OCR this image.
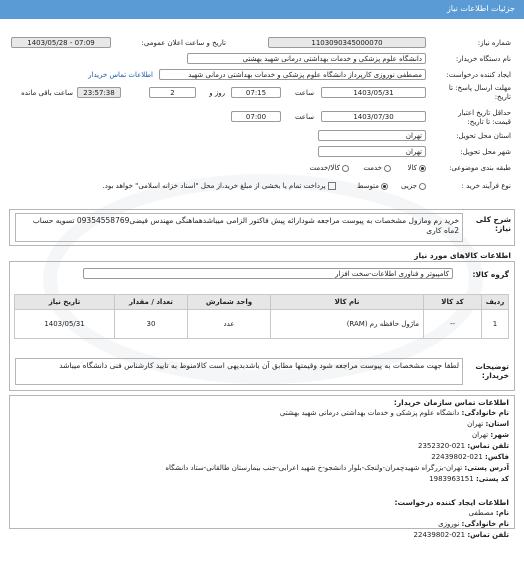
جزئیات اطلاعات نیاز
شماره نیاز:
1103090345000070
تاریخ و ساعت اعلان عمومی:
1403/05/28 - 07:09
نام دستگاه خریدار:
دانشگاه علوم پزشکی و خدمات بهداشتی درمانی شهید بهشتی
ایجاد کننده درخواست:
مصطفی نوروزی کارپرداز دانشگاه علوم پزشکی و خدمات بهداشتی درمانی شهید
اطلاعات تماس خریدار
مهلت ارسال پاسخ: تا تاریخ:
1403/05/31
ساعت
07:15
2	روز و
23:57:38
ساعت باقی مانده
حداقل تاریخ اعتبار قیمت: تا تاریخ:
1403/07/30
ساعت
07:00
استان محل تحویل:
تهران
شهر محل تحویل:
تهران
طبقه بندی موضوعی:
کالا
خدمت
کالا/خدمت
نوع فرآیند خرید :
جزیی
متوسط
پرداخت تمام یا بخشی از مبلغ خرید،از محل "اسناد خزانه اسلامی" خواهد بود.
شرح کلی نیاز:
خرید رم ومازول مشخصات به پیوست مراجعه شودارائه پیش فاکتور الزامی میباشدهماهنگی مهندس فیضی09354558769 تسویه حساب 2ماه کاری
اطلاعات کالاهای مورد نیاز
گروه کالا:
کامپیوتر و فناوری اطلاعات-سخت افزار
ردیف	کد کالا	نام کالا	واحد شمارش	تعداد / مقدار	تاریخ نیاز
1	--	ماژول حافظه رم (RAM)	عدد	30	1403/05/31
توضیحات خریدار:
لطفا جهت مشخصات به پیوست مراجعه شود وقیمتها مطابق آن باشدبدیهی است کالامنوط به تایید کارشناس فنی دانشگاه میباشد
اطلاعات تماس سازمان خریدار:
نام خانوادگی: دانشگاه علوم پزشکی و خدمات بهداشتی درمانی شهید بهشتی
استان: تهران
شهر: تهران
تلفن تماس: 021-2352320
فاکس: 021-22439802
آدرس پستی: تهران-بزرگراه شهیدچمران-ولنجک-بلوار دانشجو-خ شهید اعرابی-جنب بیمارستان طالقانی-ستاد دانشگاه
کد پستی: 1983963151
اطلاعات ایجاد کننده درخواست:
نام: مصطفی
نام خانوادگی: نوروزی
تلفن تماس: 021-22439802
